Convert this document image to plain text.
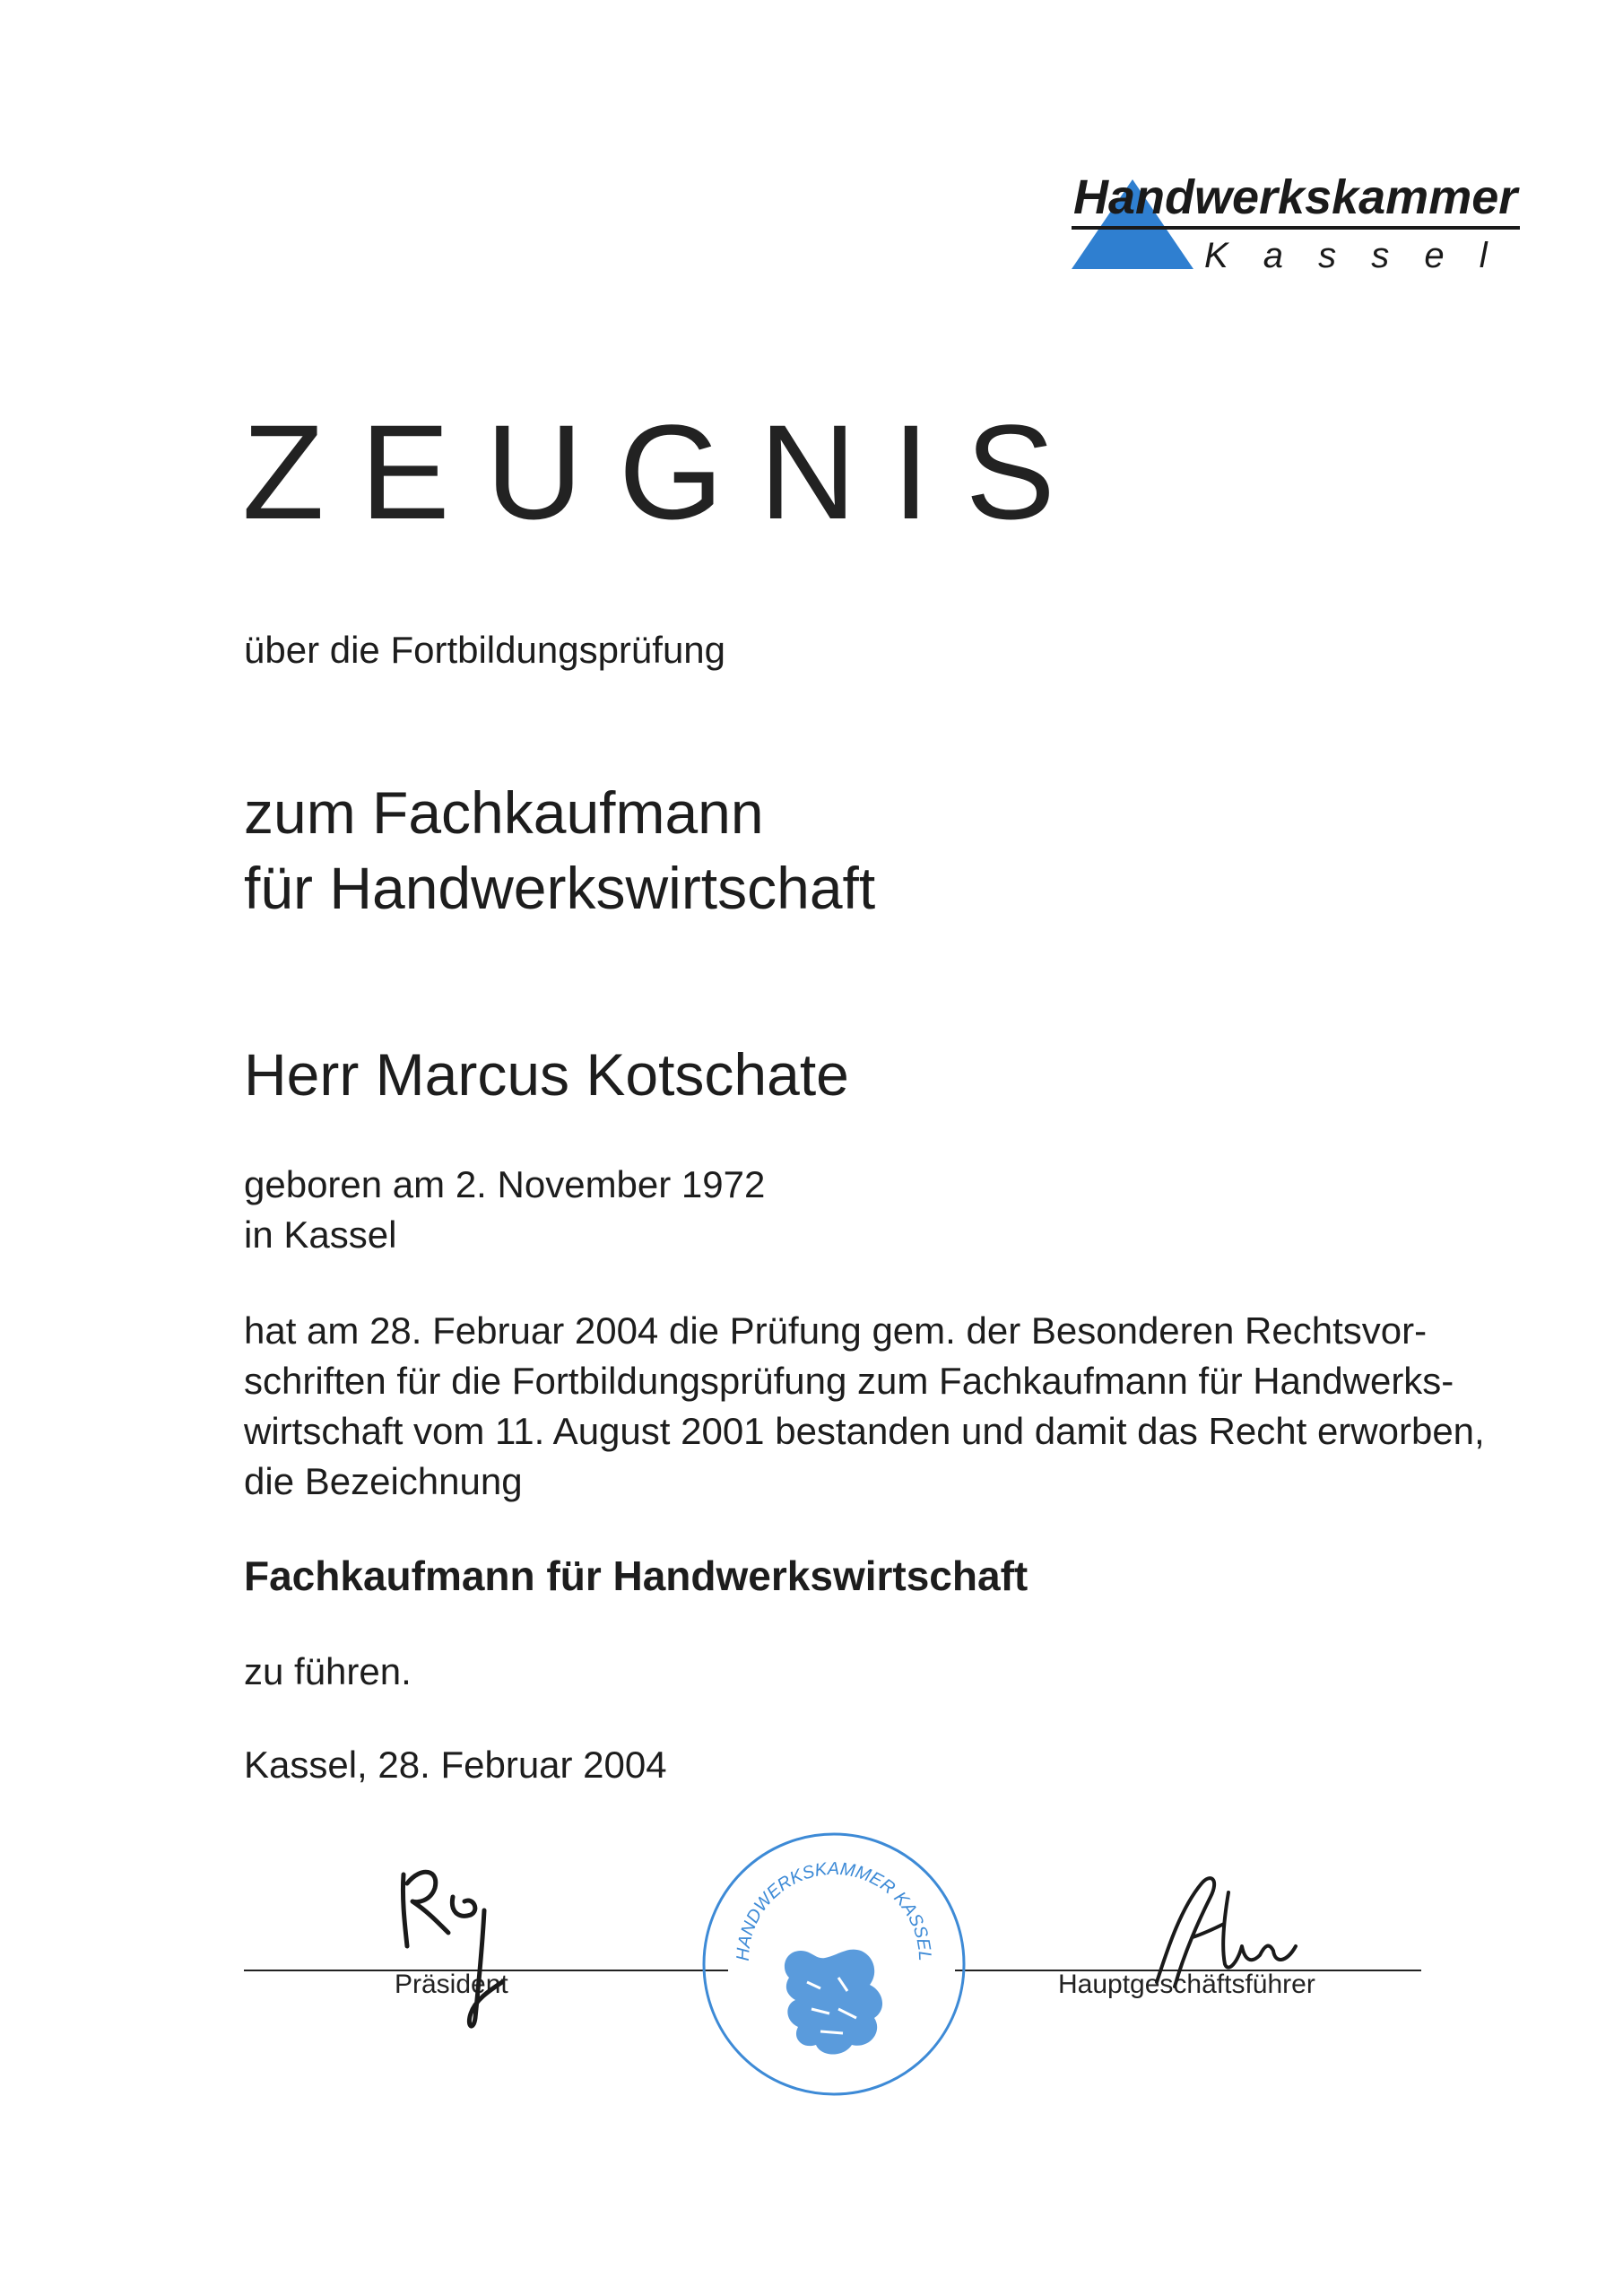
Handwerkskammer
K a s s e l
ZEUGNIS
über die Fortbildungsprüfung
zum Fachkaufmann
für Handwerkswirtschaft
Herr Marcus Kotschate
geboren am 2. November 1972
in Kassel
hat am 28. Februar 2004 die Prüfung gem. der Besonderen Rechtsvor-
schriften für die Fortbildungsprüfung zum Fachkaufmann für Handwerks-
wirtschaft vom 11. August 2001 bestanden und damit das Recht erworben,
die Bezeichnung
Fachkaufmann für Handwerkswirtschaft
zu führen.
Kassel, 28. Februar 2004
Präsident	Hauptgeschäftsführer
HANDWERKSKAMMER KASSEL
